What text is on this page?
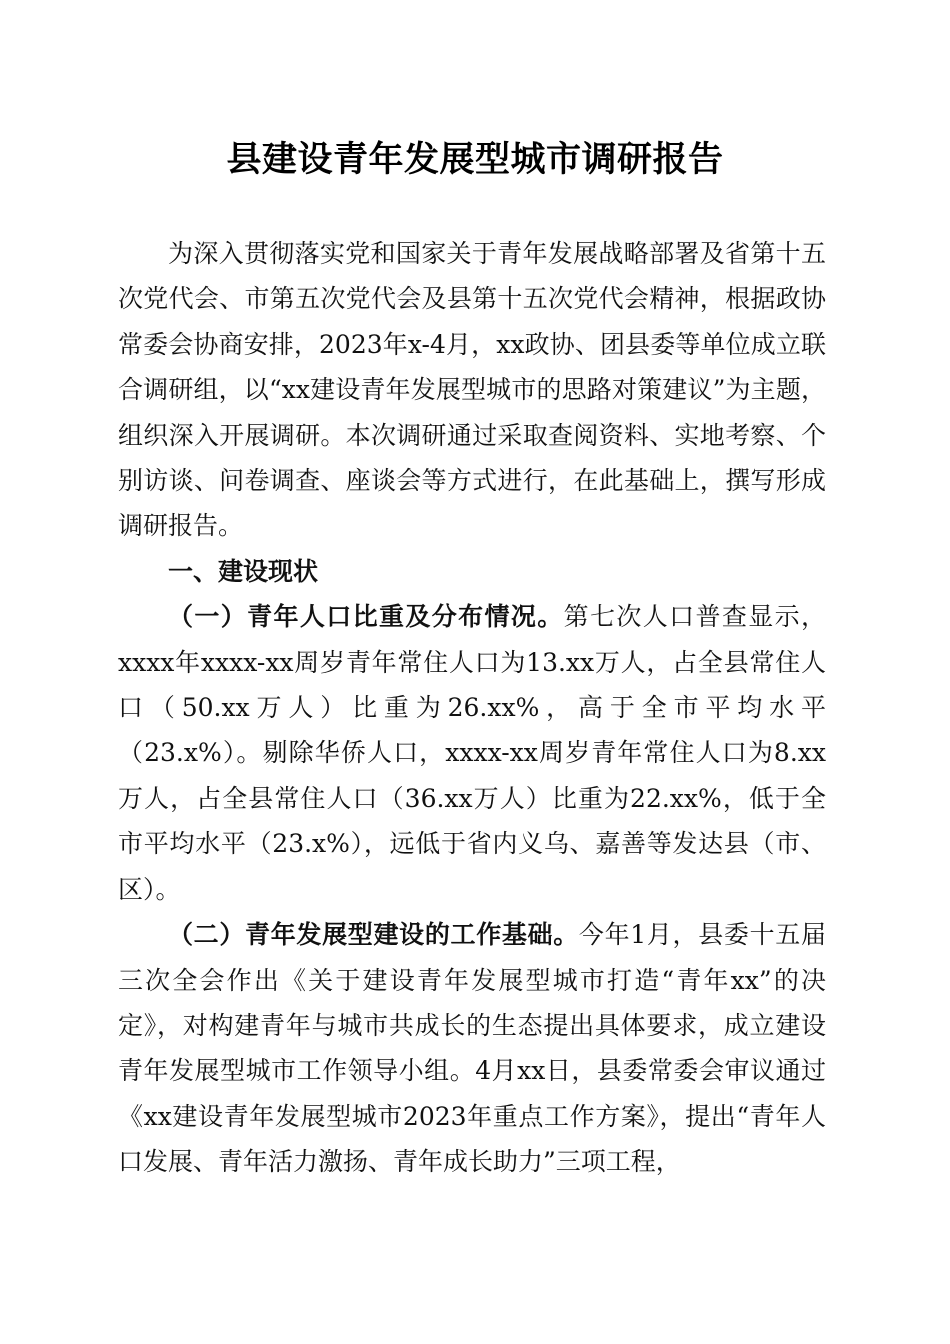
县建设青年发展型城市调研报告

为深入贯彻落实党和国家关于青年发展战略部署及省第十五次党代会、市第五次党代会及县第十五次党代会精神，根据政协常委会协商安排，2023年x-4月，xx政协、团县委等单位成立联合调研组，以“xx建设青年发展型城市的思路对策建议”为主题，组织深入开展调研。本次调研通过采取查阅资料、实地考察、个别访谈、问卷调查、座谈会等方式进行，在此基础上，撰写形成调研报告。

一、建设现状

（一）青年人口比重及分布情况。第七次人口普查显示，xxxx年xxxx-xx周岁青年常住人口为13.xx万人，占全县常住人口（50.xx万人）比重为26.xx%，高于全市平均水平（23.x%）。剔除华侨人口，xxxx-xx周岁青年常住人口为8.xx万人，占全县常住人口（36.xx万人）比重为22.xx%，低于全市平均水平（23.x%），远低于省内义乌、嘉善等发达县（市、区）。

（二）青年发展型建设的工作基础。今年1月，县委十五届三次全会作出《关于建设青年发展型城市打造“青年xx”的决定》，对构建青年与城市共成长的生态提出具体要求，成立建设青年发展型城市工作领导小组。4月xx日，县委常委会审议通过《xx建设青年发展型城市2023年重点工作方案》，提出“青年人口发展、青年活力激扬、青年成长助力”三项工程，
